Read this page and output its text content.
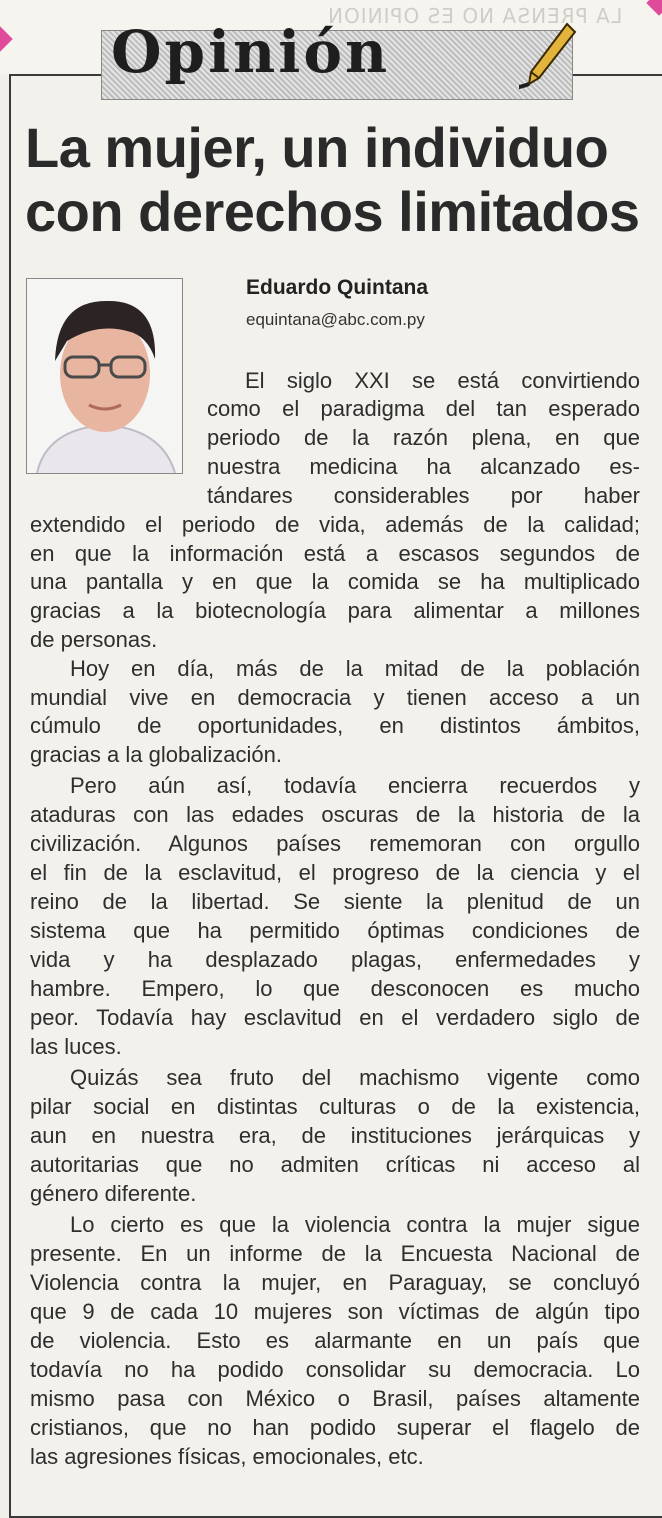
LA PRENSA NO ES OPINION
Opinión
La mujer, un individuo
con derechos limitados
Eduardo Quintana
equintana@abc.com.py
El siglo XXI se está convirtiendo
como el paradigma del tan esperado
periodo de la razón plena, en que
nuestra medicina ha alcanzado es-
tándares considerables por haber
extendido el periodo de vida, además de la calidad;
en que la información está a escasos segundos de
una pantalla y en que la comida se ha multiplicado
gracias a la biotecnología para alimentar a millones
de personas.
Hoy en día, más de la mitad de la población
mundial vive en democracia y tienen acceso a un
cúmulo de oportunidades, en distintos ámbitos,
gracias a la globalización.
Pero aún así, todavía encierra recuerdos y
ataduras con las edades oscuras de la historia de la
civilización. Algunos países rememoran con orgullo
el fin de la esclavitud, el progreso de la ciencia y el
reino de la libertad. Se siente la plenitud de un
sistema que ha permitido óptimas condiciones de
vida y ha desplazado plagas, enfermedades y
hambre. Empero, lo que desconocen es mucho
peor. Todavía hay esclavitud en el verdadero siglo de
las luces.
Quizás sea fruto del machismo vigente como
pilar social en distintas culturas o de la existencia,
aun en nuestra era, de instituciones jerárquicas y
autoritarias que no admiten críticas ni acceso al
género diferente.
Lo cierto es que la violencia contra la mujer sigue
presente. En un informe de la Encuesta Nacional de
Violencia contra la mujer, en Paraguay, se concluyó
que 9 de cada 10 mujeres son víctimas de algún tipo
de violencia. Esto es alarmante en un país que
todavía no ha podido consolidar su democracia. Lo
mismo pasa con México o Brasil, países altamente
cristianos, que no han podido superar el flagelo de
las agresiones físicas, emocionales, etc.
